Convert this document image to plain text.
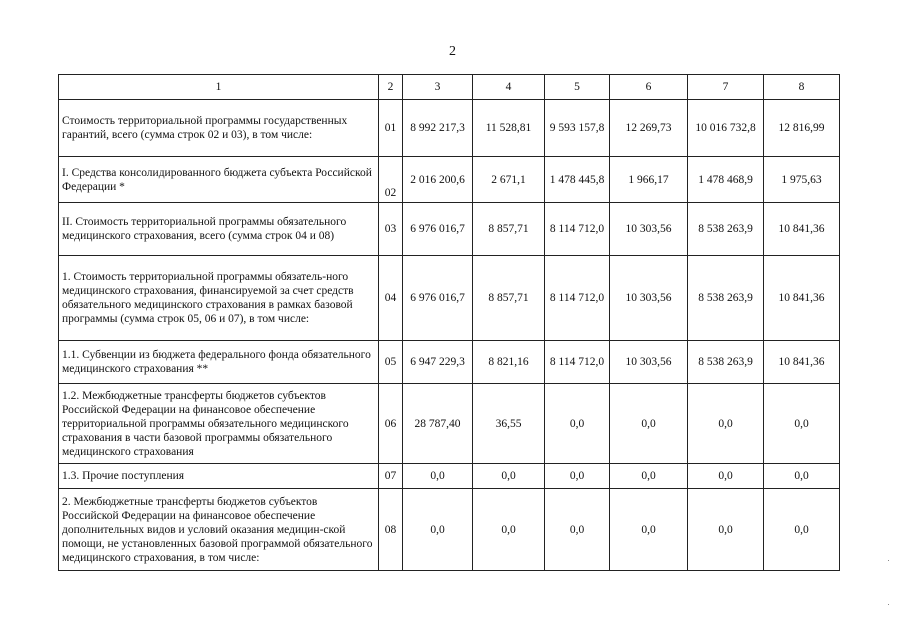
2
1	2	3	4	5	6	7	8
Стоимость территориальной программы государственных гарантий, всего (сумма строк 02 и 03), в том числе:	01	8 992 217,3	11 528,81	9 593 157,8	12 269,73	10 016 732,8	12 816,99
I. Средства консолидированного бюджета субъекта Российской Федерации *	02	2 016 200,6	2 671,1	1 478 445,8	1 966,17	1 478 468,9	1 975,63
II. Стоимость территориальной программы обязательного медицинского страхования, всего (сумма строк 04 и 08)	03	6 976 016,7	8 857,71	8 114 712,0	10 303,56	8 538 263,9	10 841,36
1. Стоимость территориальной программы обязатель-ного медицинского страхования, финансируемой за счет средств обязательного медицинского страхования в рамках базовой программы (сумма строк 05, 06 и 07), в том числе:	04	6 976 016,7	8 857,71	8 114 712,0	10 303,56	8 538 263,9	10 841,36
1.1. Субвенции из бюджета федерального фонда обязательного медицинского страхования **	05	6 947 229,3	8 821,16	8 114 712,0	10 303,56	8 538 263,9	10 841,36
1.2. Межбюджетные трансферты бюджетов субъектов Российской Федерации на финансовое обеспечение территориальной программы обязательного медицинского страхования в части базовой программы обязательного медицинского страхования	06	28 787,40	36,55	0,0	0,0	0,0	0,0
1.3. Прочие поступления	07	0,0	0,0	0,0	0,0	0,0	0,0
2. Межбюджетные трансферты бюджетов субъектов Российской Федерации на финансовое обеспечение дополнительных видов и условий оказания медицин-ской помощи, не установленных базовой программой обязательного медицинского страхования, в том числе:	08	0,0	0,0	0,0	0,0	0,0	0,0
